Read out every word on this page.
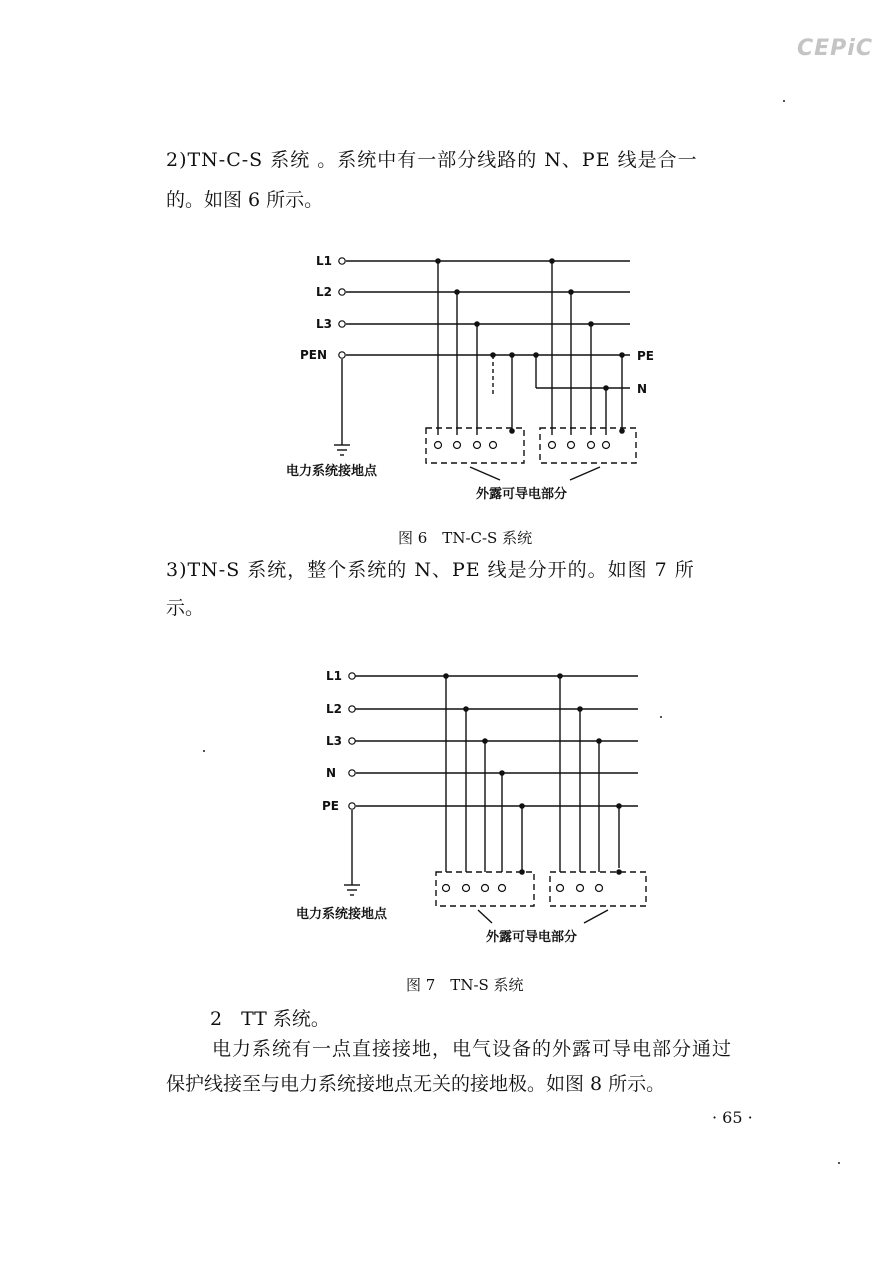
CEPiC
2)TN-C-S 系统 。系统中有一部分线路的 N、PE 线是合一
的。如图 6 所示。
L1
L2
L3
PEN	PE
N
电力系统接地点
外露可导电部分
图 6　TN-C-S 系统
3)TN-S 系统，整个系统的 N、PE 线是分开的。如图 7 所
示。
L1
L2
L3
N
PE
电力系统接地点
外露可导电部分
图 7　TN-S 系统
2　TT 系统。
电力系统有一点直接接地，电气设备的外露可导电部分通过
保护线接至与电力系统接地点无关的接地极。如图 8 所示。
· 65 ·
